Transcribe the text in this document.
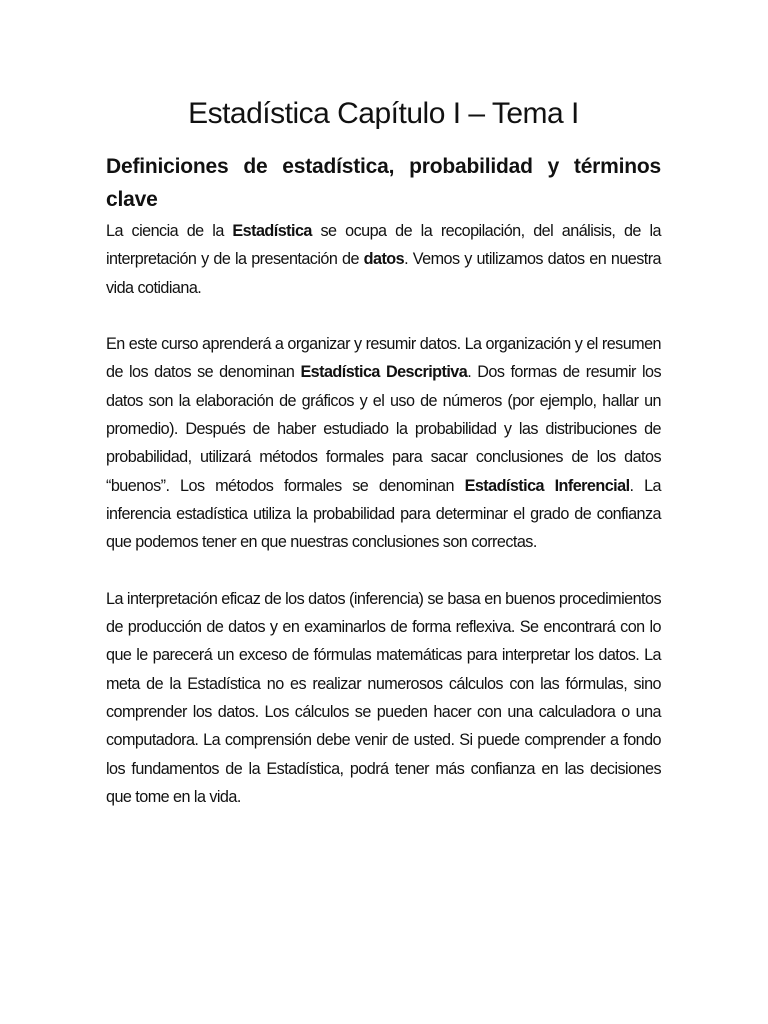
Estadística Capítulo I – Tema I
Definiciones de estadística, probabilidad y términos clave

La ciencia de la Estadística se ocupa de la recopilación, del análisis, de la interpretación y de la presentación de datos. Vemos y utilizamos datos en nuestra vida cotidiana.

En este curso aprenderá a organizar y resumir datos. La organización y el resumen de los datos se denominan Estadística Descriptiva. Dos formas de resumir los datos son la elaboración de gráficos y el uso de números (por ejemplo, hallar un promedio). Después de haber estudiado la probabilidad y las distribuciones de probabilidad, utilizará métodos formales para sacar conclusiones de los datos “buenos”. Los métodos formales se denominan Estadística Inferencial. La inferencia estadística utiliza la probabilidad para determinar el grado de confianza que podemos tener en que nuestras conclusiones son correctas.

La interpretación eficaz de los datos (inferencia) se basa en buenos procedimientos de producción de datos y en examinarlos de forma reflexiva. Se encontrará con lo que le parecerá un exceso de fórmulas matemáticas para interpretar los datos. La meta de la Estadística no es realizar numerosos cálculos con las fórmulas, sino comprender los datos. Los cálculos se pueden hacer con una calculadora o una computadora. La comprensión debe venir de usted. Si puede comprender a fondo los fundamentos de la Estadística, podrá tener más confianza en las decisiones que tome en la vida.
